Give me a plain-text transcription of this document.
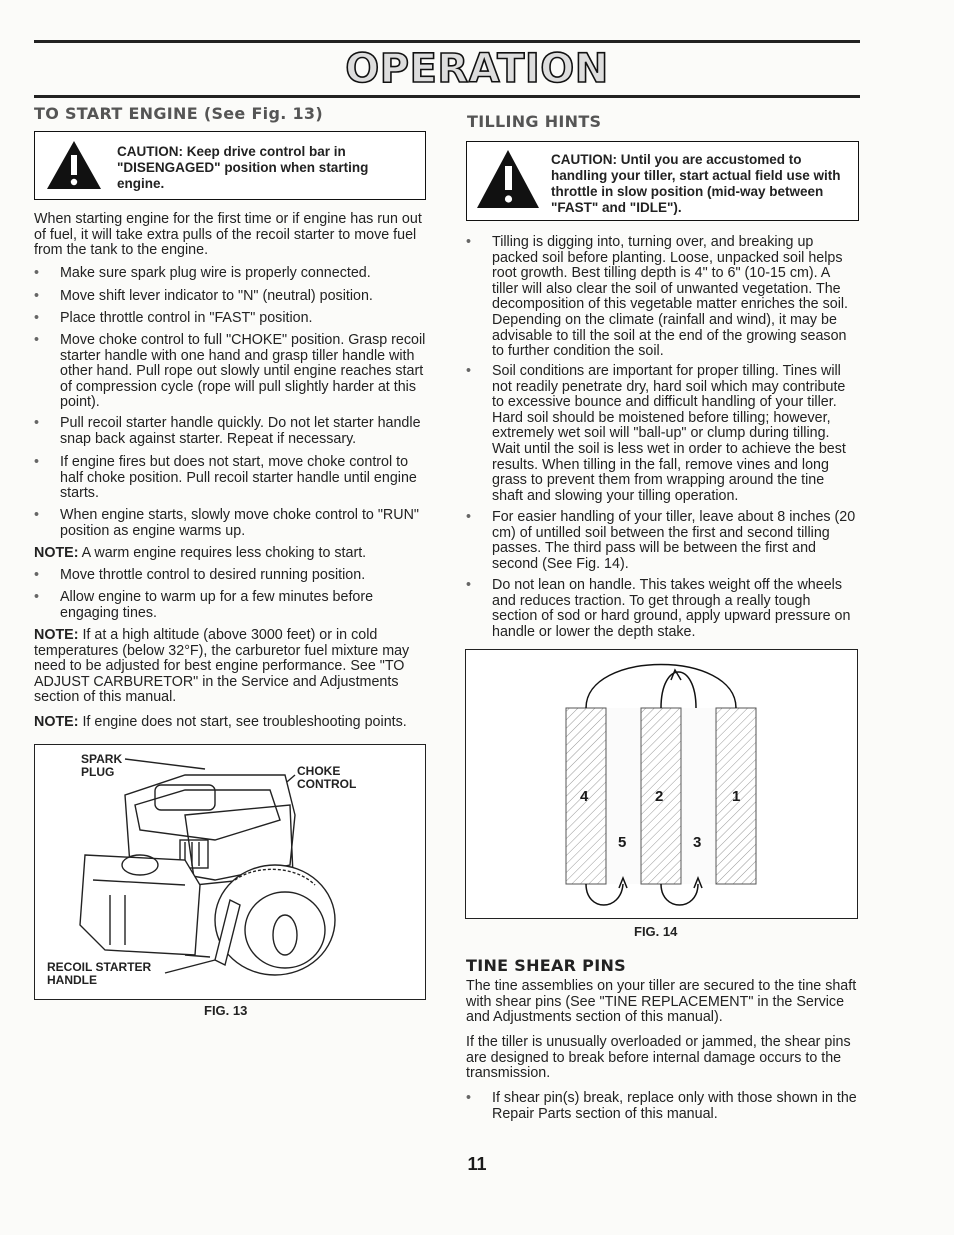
OPERATION
TO START ENGINE (See Fig. 13)
CAUTION: Keep drive control bar in "DISENGAGED" position when starting engine.
When starting engine for the first time or if engine has run out of fuel, it will take extra pulls of the recoil starter to move fuel from the tank to the engine.
• Make sure spark plug wire is properly connected.
• Move shift lever indicator to "N" (neutral) position.
• Place throttle control in "FAST" position.
• Move choke control to full "CHOKE" position. Grasp recoil starter handle with one hand and grasp tiller handle with other hand. Pull rope out slowly until engine reaches start of compression cycle (rope will pull slightly harder at this point).
• Pull recoil starter handle quickly. Do not let starter handle snap back against starter. Repeat if necessary.
• If engine fires but does not start, move choke control to half choke position. Pull recoil starter handle until engine starts.
• When engine starts, slowly move choke control to "RUN" position as engine warms up.
NOTE: A warm engine requires less choking to start.
• Move throttle control to desired running position.
• Allow engine to warm up for a few minutes before engaging tines.
NOTE: If at a high altitude (above 3000 feet) or in cold temperatures (below 32°F), the carburetor fuel mixture may need to be adjusted for best engine performance. See "TO ADJUST CARBURETOR" in the Service and Adjustments section of this manual.
NOTE: If engine does not start, see troubleshooting points.
SPARK PLUG	CHOKE CONTROL
RECOIL STARTER HANDLE
FIG. 13
TILLING HINTS
CAUTION: Until you are accustomed to handling your tiller, start actual field use with throttle in slow position (mid-way between "FAST" and "IDLE").
• Tilling is digging into, turning over, and breaking up packed soil before planting. Loose, unpacked soil helps root growth. Best tilling depth is 4" to 6" (10-15 cm). A tiller will also clear the soil of unwanted vegetation. The decomposition of this vegetable matter enriches the soil. Depending on the climate (rainfall and wind), it may be advisable to till the soil at the end of the growing season to further condition the soil.
• Soil conditions are important for proper tilling. Tines will not readily penetrate dry, hard soil which may contribute to excessive bounce and difficult handling of your tiller. Hard soil should be moistened before tilling; however, extremely wet soil will "ball-up" or clump during tilling. Wait until the soil is less wet in order to achieve the best results. When tilling in the fall, remove vines and long grass to prevent them from wrapping around the tine shaft and slowing your tilling operation.
• For easier handling of your tiller, leave about 8 inches (20 cm) of untilled soil between the first and second tilling passes. The third pass will be between the first and second (See Fig. 14).
• Do not lean on handle. This takes weight off the wheels and reduces traction. To get through a really tough section of sod or hard ground, apply upward pressure on handle or lower the depth stake.
4	2	1
5	3
FIG. 14
TINE SHEAR PINS
The tine assemblies on your tiller are secured to the tine shaft with shear pins (See "TINE REPLACEMENT" in the Service and Adjustments section of this manual).
If the tiller is unusually overloaded or jammed, the shear pins are designed to break before internal damage occurs to the transmission.
• If shear pin(s) break, replace only with those shown in the Repair Parts section of this manual.
11
